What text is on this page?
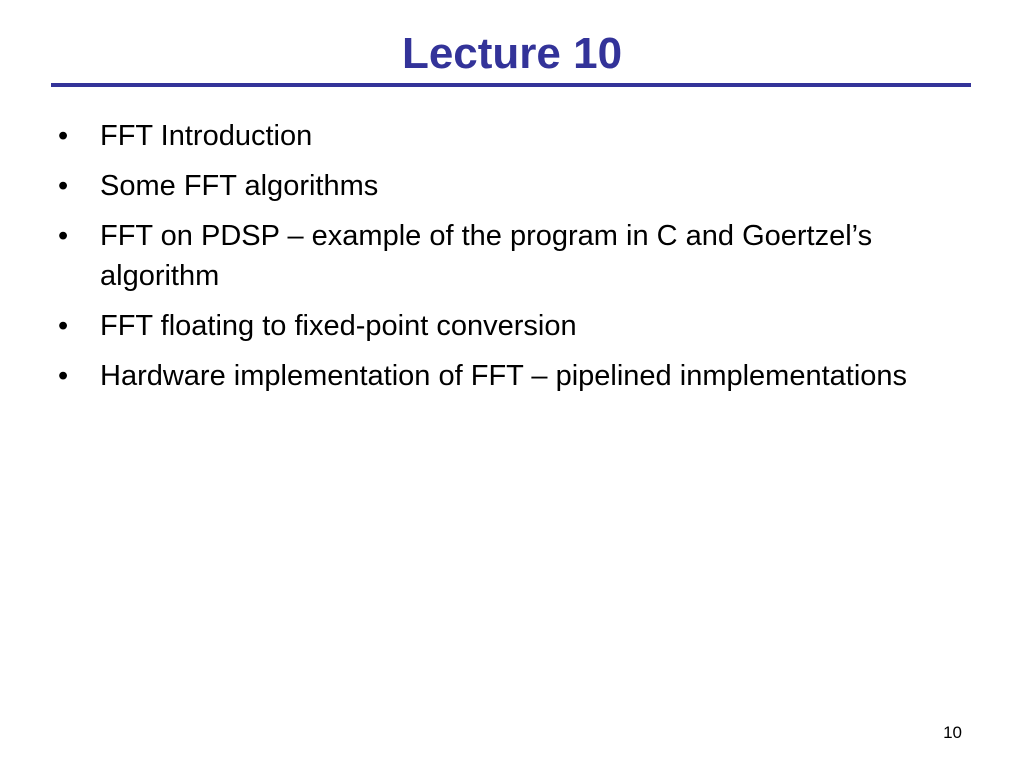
Lecture 10
• FFT Introduction
• Some FFT algorithms
• FFT on PDSP – example of the program in C and Goertzel’s algorithm
• FFT floating to fixed-point conversion
• Hardware implementation of FFT – pipelined inmplementations
10
